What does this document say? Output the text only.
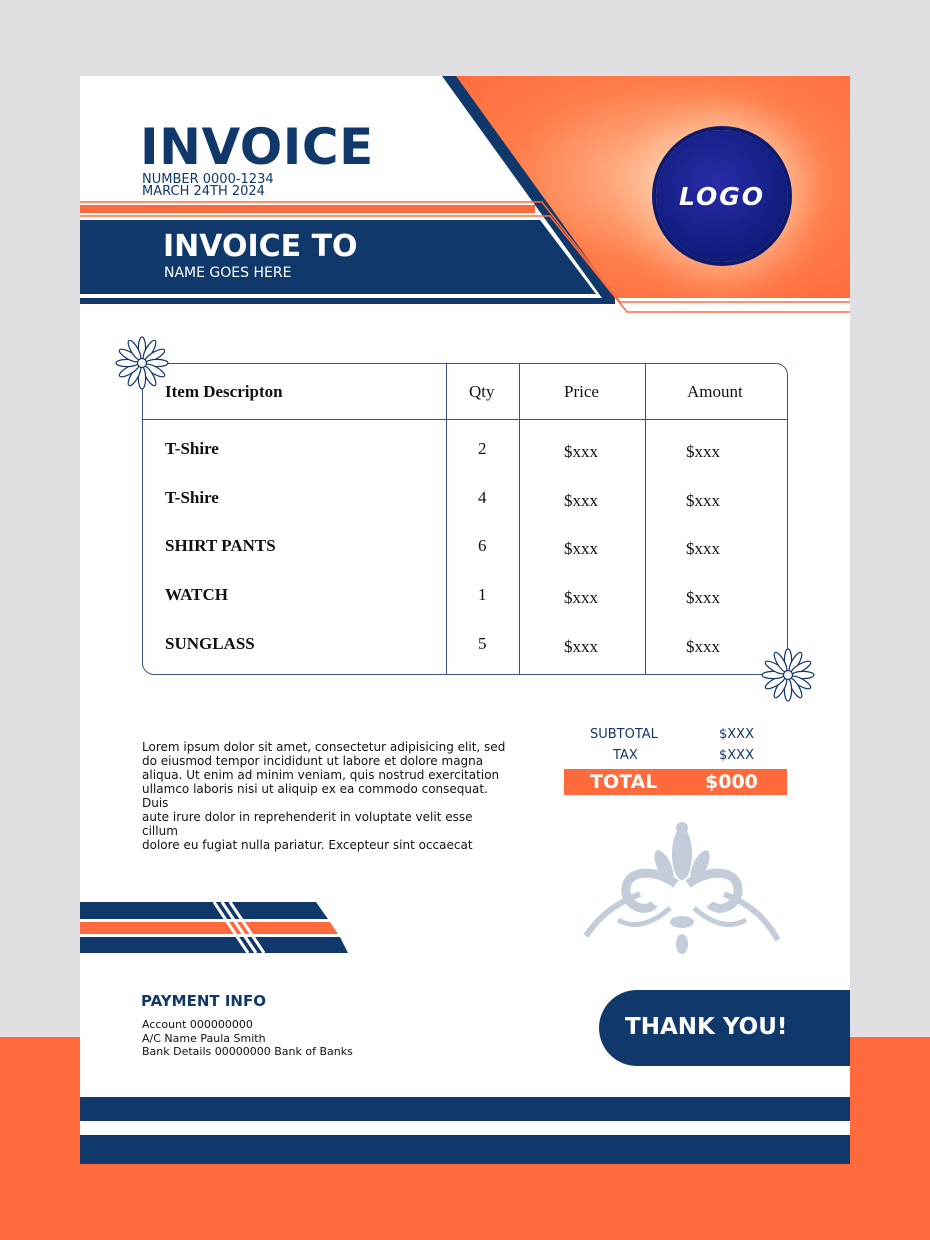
INVOICE
NUMBER 0000-1234
MARCH 24TH 2024
INVOICE TO
NAME GOES HERE
LOGO
Item Descripton	Qty	Price	Amount
T-Shire	2	$xxx	$xxx
T-Shire	4	$xxx	$xxx
SHIRT PANTS	6	$xxx	$xxx
WATCH	1	$xxx	$xxx
SUNGLASS	5	$xxx	$xxx
Lorem ipsum dolor sit amet, consectetur adipisicing elit, sed
do eiusmod tempor incididunt ut labore et dolore magna
aliqua. Ut enim ad minim veniam, quis nostrud exercitation
ullamco laboris nisi ut aliquip ex ea commodo consequat. Duis
aute irure dolor in reprehenderit in voluptate velit esse cillum
dolore eu fugiat nulla pariatur. Excepteur sint occaecat
SUBTOTAL	$XXX
TAX	$XXX
TOTAL	$000
PAYMENT INFO
Account 000000000
A/C Name Paula Smith
Bank Details 00000000 Bank of Banks
THANK YOU!
